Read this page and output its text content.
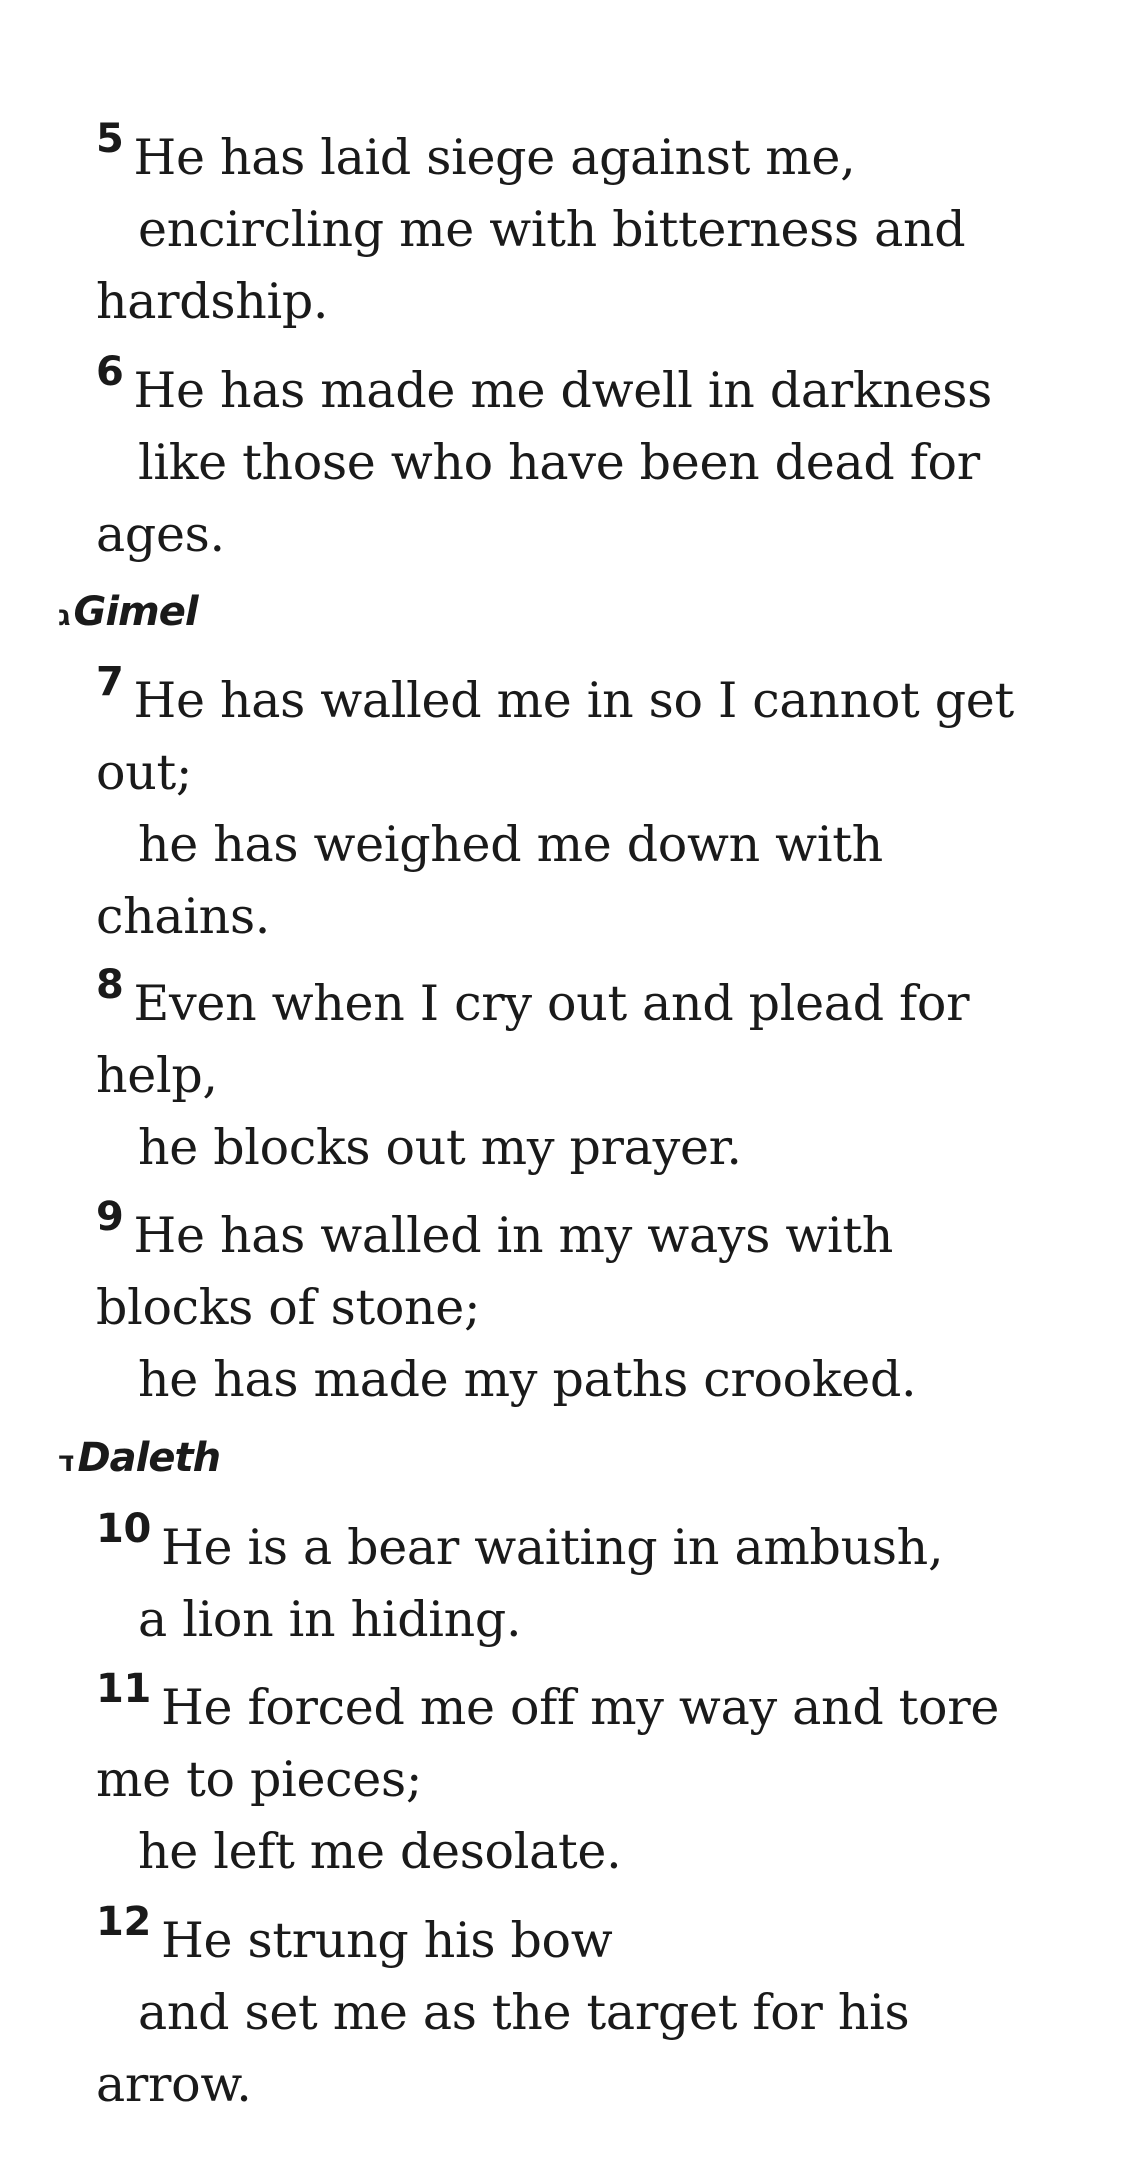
$^5$ He has laid siege against me,
encircling me with bitterness and
hardship.
$^6$ He has made me dwell in darkness
like those who have been dead for
ages.
ג Gimel
$^7$ He has walled me in so I cannot get
out;
he has weighed me down with
chains.
$^8$ Even when I cry out and plead for
help,
he blocks out my prayer.
$^9$ He has walled in my ways with
blocks of stone;
he has made my paths crooked.
ד Daleth
$^{10}$ He is a bear waiting in ambush,
a lion in hiding.
$^{11}$ He forced me off my way and tore
me to pieces;
he left me desolate.
$^{12}$ He strung his bow
and set me as the target for his
arrow.
